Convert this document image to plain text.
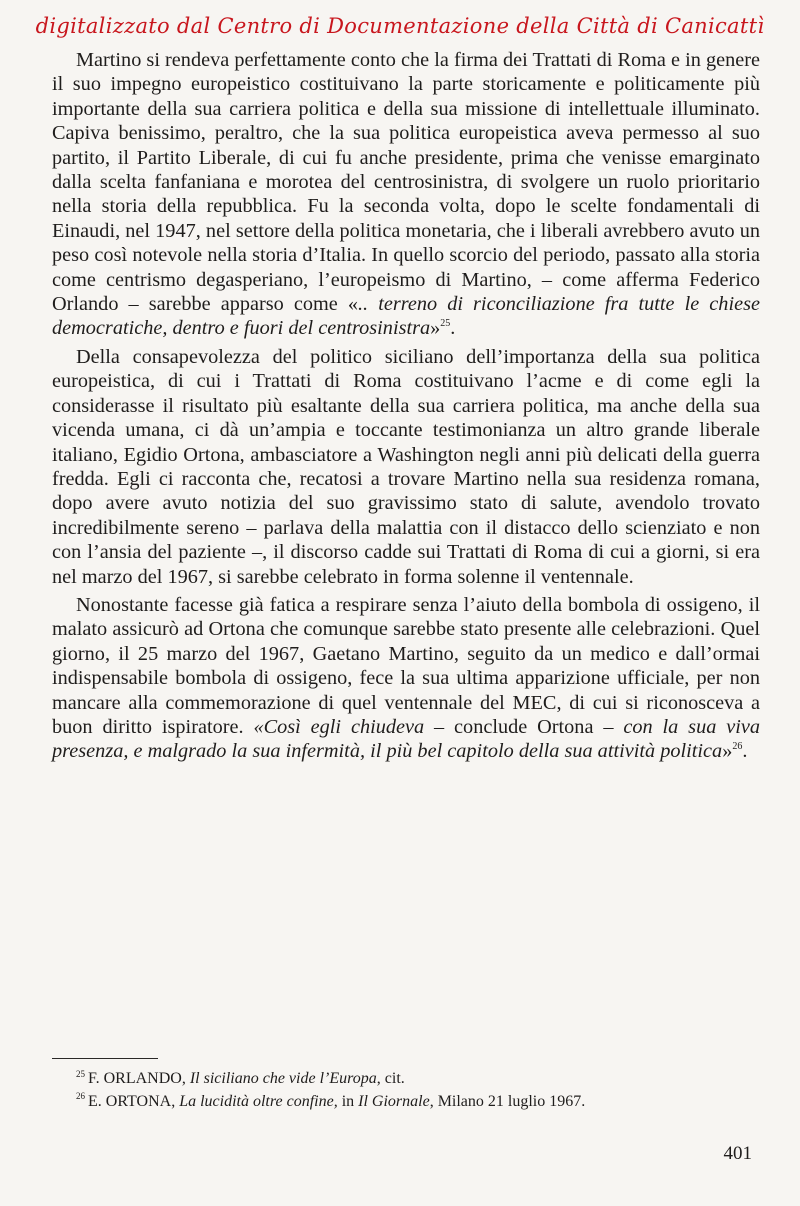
digitalizzato dal Centro di Documentazione della Città di Canicattì

Martino si rendeva perfettamente conto che la firma dei Trattati di Roma e in genere il suo impegno europeistico costituivano la parte storicamente e politicamente più importante della sua carriera politica e della sua missione di intellettuale illuminato. Capiva benissimo, peraltro, che la sua politica europeistica aveva permesso al suo partito, il Partito Liberale, di cui fu anche presidente, prima che venisse emarginato dalla scelta fanfaniana e morotea del centrosinistra, di svolgere un ruolo prioritario nella storia della repubblica. Fu la seconda volta, dopo le scelte fondamentali di Einaudi, nel 1947, nel settore della politica monetaria, che i liberali avrebbero avuto un peso così notevole nella storia d’Italia. In quello scorcio del periodo, passato alla storia come centrismo degasperiano, l’europeismo di Martino, – come afferma Federico Orlando – sarebbe apparso come «.. terreno di riconciliazione fra tutte le chiese democratiche, dentro e fuori del centrosinistra»$^{25}$.

Della consapevolezza del politico siciliano dell’importanza della sua politica europeistica, di cui i Trattati di Roma costituivano l’acme e di come egli la considerasse il risultato più esaltante della sua carriera politica, ma anche della sua vicenda umana, ci dà un’ampia e toccante testimonianza un altro grande liberale italiano, Egidio Ortona, ambasciatore a Washington negli anni più delicati della guerra fredda. Egli ci racconta che, recatosi a trovare Martino nella sua residenza romana, dopo avere avuto notizia del suo gravissimo stato di salute, avendolo trovato incredibilmente sereno – parlava della malattia con il distacco dello scienziato e non con l’ansia del paziente –, il discorso cadde sui Trattati di Roma di cui a giorni, si era nel marzo del 1967, si sarebbe celebrato in forma solenne il ventennale.

Nonostante facesse già fatica a respirare senza l’aiuto della bombola di ossigeno, il malato assicurò ad Ortona che comunque sarebbe stato presente alle celebrazioni. Quel giorno, il 25 marzo del 1967, Gaetano Martino, seguito da un medico e dall’ormai indispensabile bombola di ossigeno, fece la sua ultima apparizione ufficiale, per non mancare alla commemorazione di quel ventennale del MEC, di cui si riconosceva a buon diritto ispiratore. «Così egli chiudeva – conclude Ortona – con la sua viva presenza, e malgrado la sua infermità, il più bel capitolo della sua attività politica»$^{26}$.

$^{25}$ F. ORLANDO, Il siciliano che vide l’Europa, cit.
$^{26}$ E. ORTONA, La lucidità oltre confine, in Il Giornale, Milano 21 luglio 1967.
401
